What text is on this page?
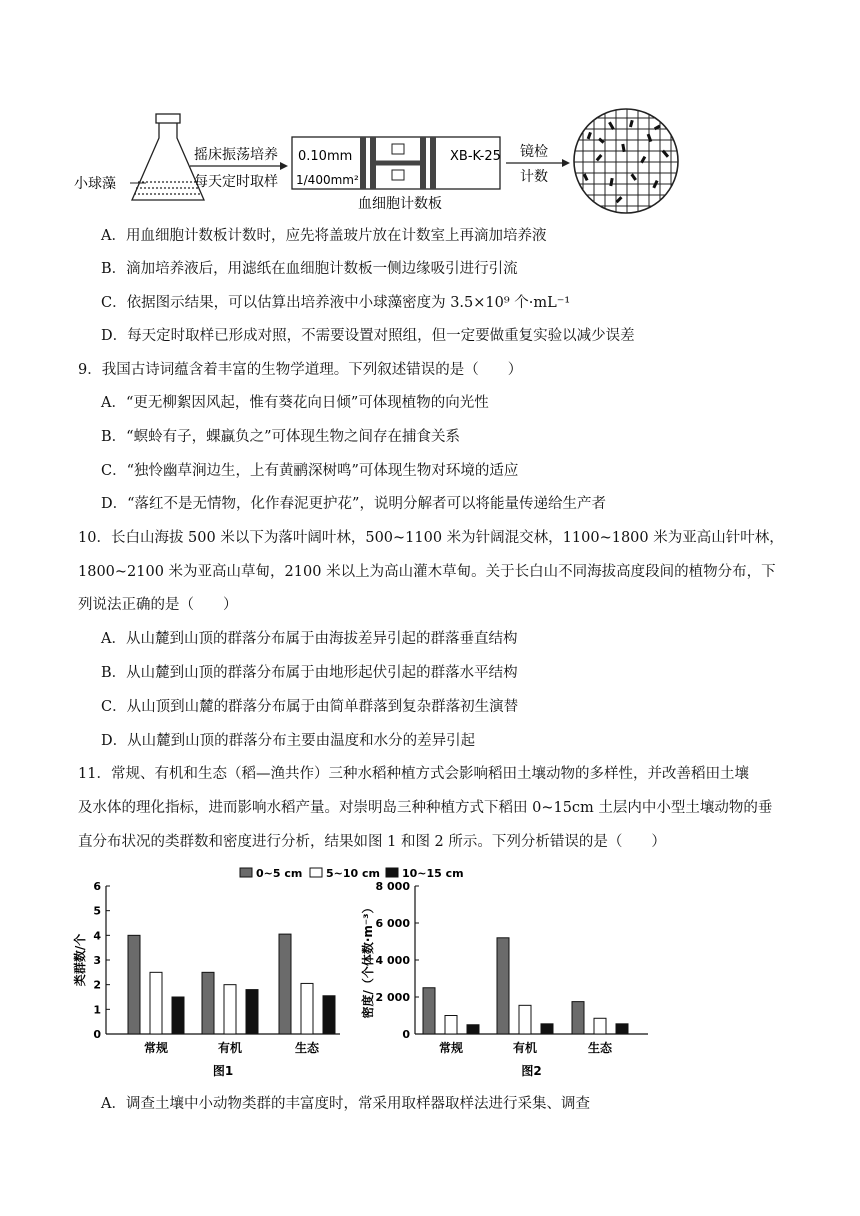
小球藻
摇床振荡培养
每天定时取样
0.10mm
1/400mm²
XB-K-25
血细胞计数板
镜检
计数
A．用血细胞计数板计数时，应先将盖玻片放在计数室上再滴加培养液
B．滴加培养液后，用滤纸在血细胞计数板一侧边缘吸引进行引流
C．依据图示结果，可以估算出培养液中小球藻密度为 3.5×10⁹ 个·mL⁻¹
D．每天定时取样已形成对照，不需要设置对照组，但一定要做重复实验以减少误差
9．我国古诗词蕴含着丰富的生物学道理。下列叙述错误的是（　　）
A．“更无柳絮因风起，惟有葵花向日倾”可体现植物的向光性
B．“螟蛉有子，蜾蠃负之”可体现生物之间存在捕食关系
C．“独怜幽草涧边生，上有黄鹂深树鸣”可体现生物对环境的适应
D．“落红不是无情物，化作春泥更护花”，说明分解者可以将能量传递给生产者
10．长白山海拔 500 米以下为落叶阔叶林，500~1100 米为针阔混交林，1100~1800 米为亚高山针叶林，
1800~2100 米为亚高山草甸，2100 米以上为高山灌木草甸。关于长白山不同海拔高度段间的植物分布，下
列说法正确的是（　　）
A．从山麓到山顶的群落分布属于由海拔差异引起的群落垂直结构
B．从山麓到山顶的群落分布属于由地形起伏引起的群落水平结构
C．从山顶到山麓的群落分布属于由简单群落到复杂群落初生演替
D．从山麓到山顶的群落分布主要由温度和水分的差异引起
11．常规、有机和生态（稻—渔共作）三种水稻种植方式会影响稻田土壤动物的多样性，并改善稻田土壤
及水体的理化指标，进而影响水稻产量。对崇明岛三种种植方式下稻田 0~15cm 土层内中小型土壤动物的垂
直分布状况的类群数和密度进行分析，结果如图 1 和图 2 所示。下列分析错误的是（　　）
0~5 cm 5~10 cm 10~15 cm
0
1
2
3
4
5
6
类群数/个
常规	有机	生态
图1
0
2 000
4 000
6 000
8 000
密度/（个体数·m⁻³）
常规	有机	生态
图2
A．调查土壤中小动物类群的丰富度时，常采用取样器取样法进行采集、调查
